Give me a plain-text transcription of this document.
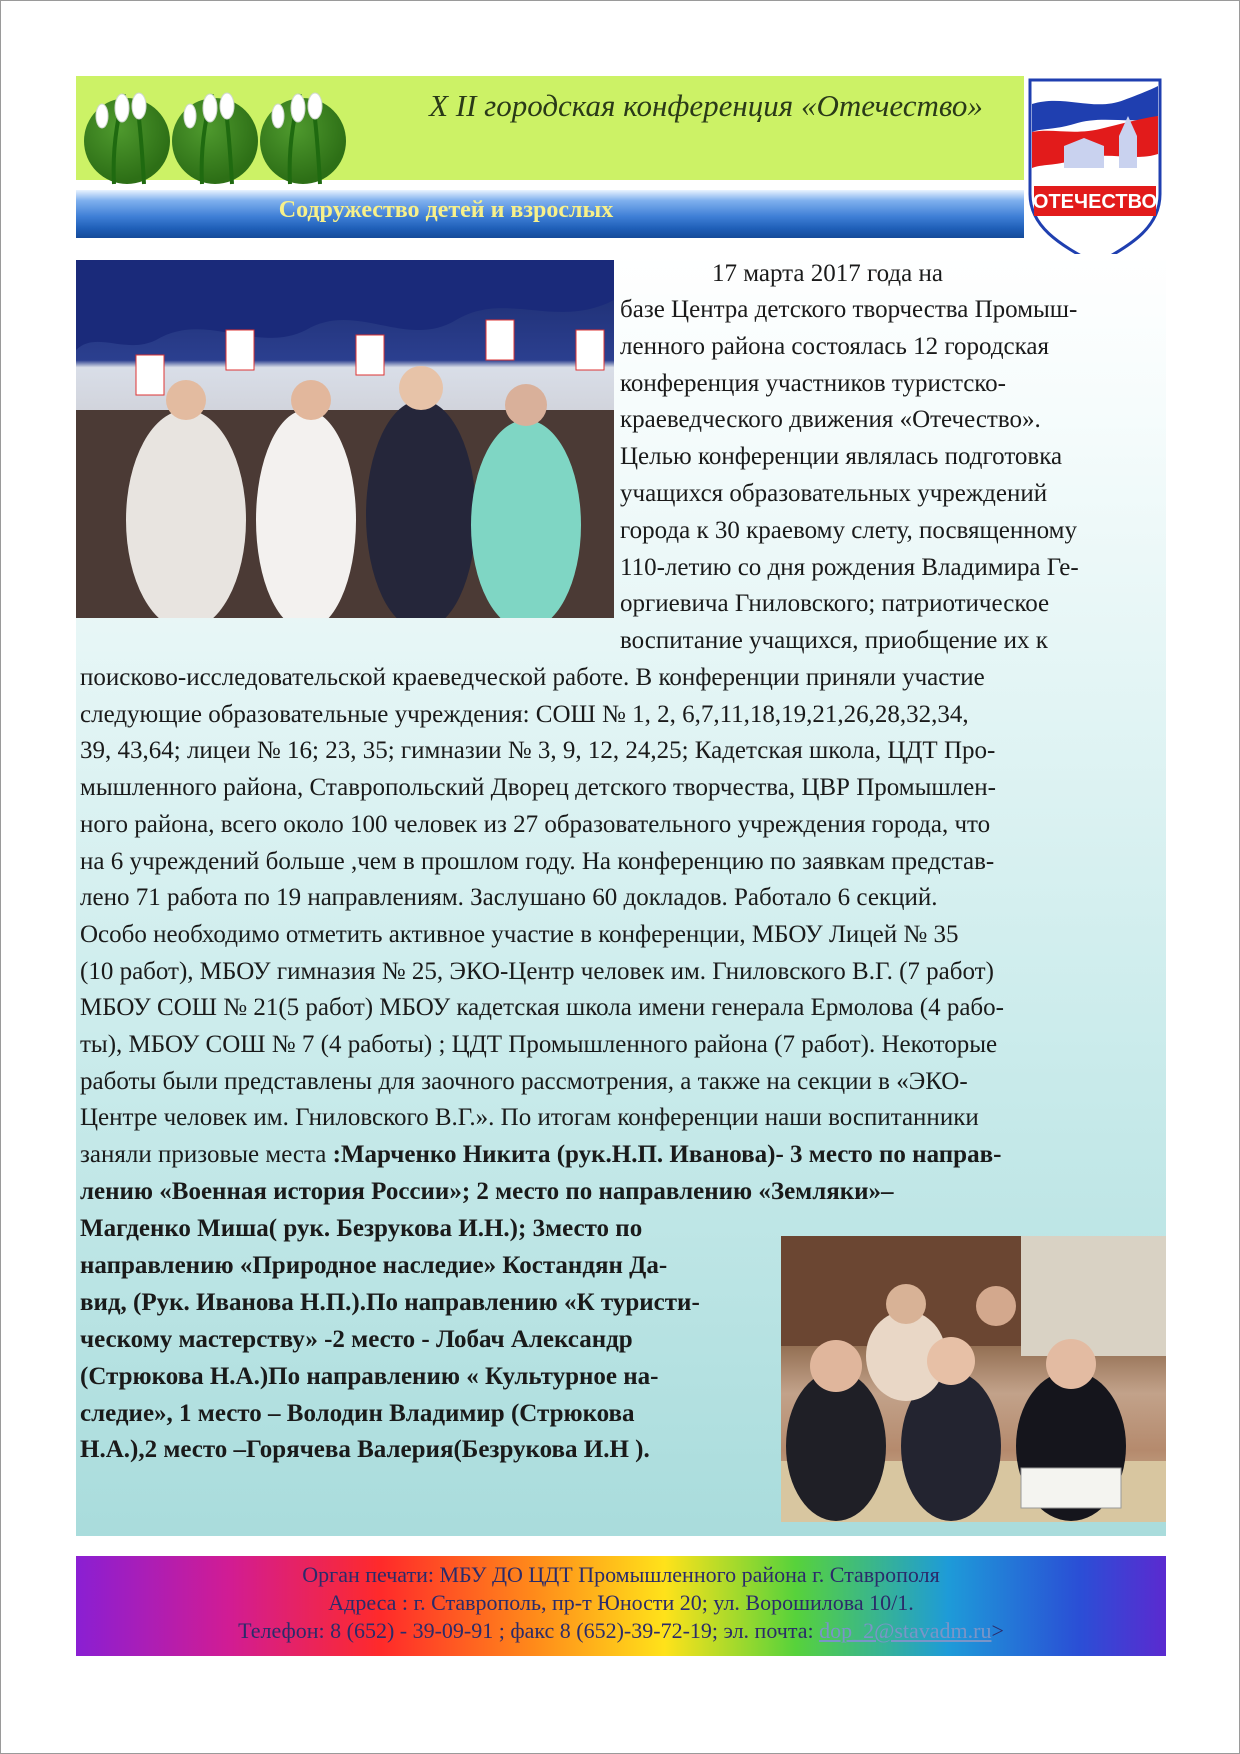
X II городская конференция «Отечество»
Содружество детей и взрослых	ОТЕЧЕСТВО
17 марта 2017 года на
базе Центра детского творчества Промыш-
ленного района состоялась 12 городская
конференция участников туристско-
краеведческого движения «Отечество».
Целью конференции являлась подготовка
учащихся образовательных учреждений
города к 30 краевому слету, посвященному
110-летию со дня рождения Владимира Ге-
оргиевича Гниловского; патриотическое
воспитание учащихся, приобщение их к
поисково-исследовательской краеведческой работе. В конференции приняли участие
следующие образовательные учреждения: СОШ № 1, 2, 6,7,11,18,19,21,26,28,32,34,
39, 43,64; лицеи № 16; 23, 35; гимназии № 3, 9, 12, 24,25; Кадетская школа, ЦДТ Про-
мышленного района, Ставропольский Дворец детского творчества, ЦВР Промышлен-
ного района, всего около 100 человек из 27 образовательного учреждения города, что
на 6 учреждений больше ,чем в прошлом году. На конференцию по заявкам представ-
лено 71 работа по 19 направлениям. Заслушано 60 докладов. Работало 6 секций.
Особо необходимо отметить активное участие в конференции, МБОУ Лицей № 35
(10 работ), МБОУ гимназия № 25, ЭКО-Центр человек им. Гниловского В.Г. (7 работ)
МБОУ СОШ № 21(5 работ) МБОУ кадетская школа имени генерала Ермолова (4 рабо-
ты), МБОУ СОШ № 7 (4 работы) ; ЦДТ Промышленного района (7 работ). Некоторые
работы были представлены для заочного рассмотрения, а также на секции в «ЭКО-
Центре человек им. Гниловского В.Г.». По итогам конференции наши воспитанники
заняли призовые места :Марченко Никита (рук.Н.П. Иванова)- 3 место по направ-
лению «Военная история России»; 2 место по направлению «Земляки»–
Магденко Миша( рук. Безрукова И.Н.); 3место по
направлению «Природное наследие» Костандян Да-
вид, (Рук. Иванова Н.П.).По направлению «К туристи-
ческому мастерству» -2 место - Лобач Александр
(Стрюкова Н.А.)По направлению « Культурное на-
следие», 1 место – Володин Владимир (Стрюкова
Н.А.),2 место –Горячева Валерия(Безрукова И.Н ).
Орган печати: МБУ ДО ЦДТ Промышленного района г. Ставрополя
Адреса : г. Ставрополь, пр-т Юности 20; ул. Ворошилова 10/1.
Телефон: 8 (652) - 39-09-91 ; факс 8 (652)-39-72-19; эл. почта: dop_2@stavadm.ru>
